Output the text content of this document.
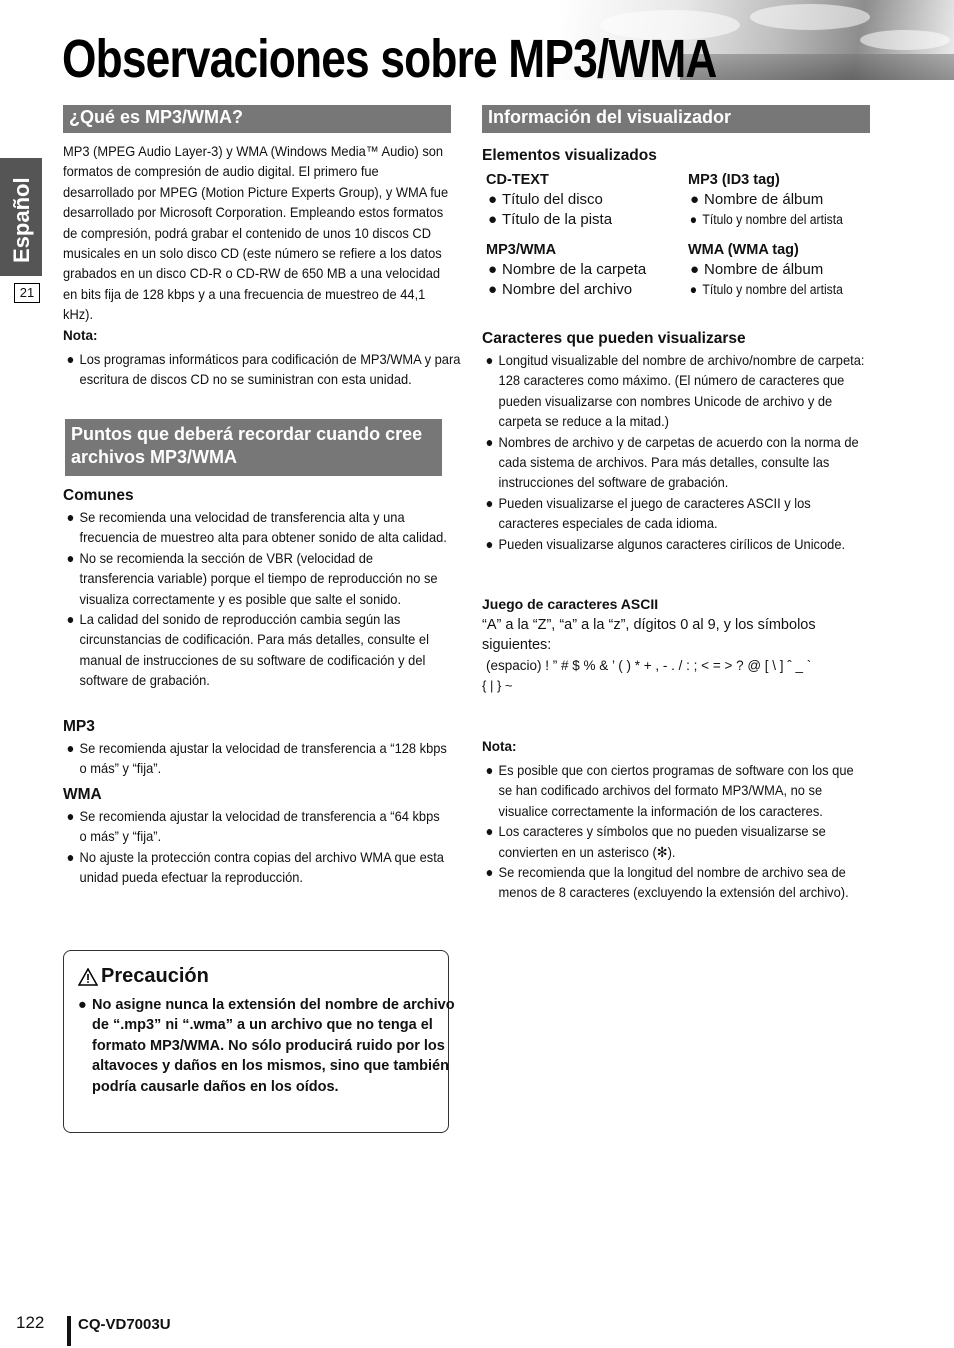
Observaciones sobre MP3/WMA
Español
21
¿Qué es MP3/WMA?
MP3 (MPEG Audio Layer-3) y WMA (Windows Media™ Audio) son formatos de compresión de audio digital. El primero fue desarrollado por MPEG (Motion Picture Experts Group), y WMA fue desarrollado por Microsoft Corporation. Empleando estos formatos de compresión, podrá grabar el contenido de unos 10 discos CD musicales en un solo disco CD (este número se refiere a los datos grabados en un disco CD-R o CD-RW de 650 MB a una velocidad en bits fija de 128 kbps y a una frecuencia de muestreo de 44,1 kHz).
Nota:
● Los programas informáticos para codificación de MP3/WMA y para escritura de discos CD no se suministran con esta unidad.
Puntos que deberá recordar cuando cree archivos MP3/WMA
Comunes
● Se recomienda una velocidad de transferencia alta y una frecuencia de muestreo alta para obtener sonido de alta calidad.
● No se recomienda la sección de VBR (velocidad de transferencia variable) porque el tiempo de reproducción no se visualiza correctamente y es posible que salte el sonido.
● La calidad del sonido de reproducción cambia según las circunstancias de codificación. Para más detalles, consulte el manual de instrucciones de su software de codificación y del software de grabación.
MP3
● Se recomienda ajustar la velocidad de transferencia a “128 kbps o más” y “fija”.
WMA
● Se recomienda ajustar la velocidad de transferencia a “64 kbps o más” y “fija”.
● No ajuste la protección contra copias del archivo WMA que esta unidad pueda efectuar la reproducción.
Precaución
● No asigne nunca la extensión del nombre de archivo de “.mp3” ni “.wma” a un archivo que no tenga el formato MP3/WMA. No sólo producirá ruido por los altavoces y daños en los mismos, sino que también podría causarle daños en los oídos.
Información del visualizador
Elementos visualizados
CD-TEXT
● Título del disco
● Título de la pista
MP3 (ID3 tag)
● Nombre de álbum
● Título y nombre del artista
MP3/WMA
● Nombre de la carpeta
● Nombre del archivo
WMA (WMA tag)
● Nombre de álbum
● Título y nombre del artista
Caracteres que pueden visualizarse
● Longitud visualizable del nombre de archivo/nombre de carpeta: 128 caracteres como máximo. (El número de caracteres que pueden visualizarse con nombres Unicode de archivo y de carpeta se reduce a la mitad.)
● Nombres de archivo y de carpetas de acuerdo con la norma de cada sistema de archivos. Para más detalles, consulte las instrucciones del software de grabación.
● Pueden visualizarse el juego de caracteres ASCII y los caracteres especiales de cada idioma.
● Pueden visualizarse algunos caracteres cirílicos de Unicode.
Juego de caracteres ASCII
“A” a la “Z”, “a” a la “z”, dígitos 0 al 9, y los símbolos siguientes:
(espacio) ! ” # $ % & ’ ( ) * + , - . / : ; < = > ? @ [ \ ] ˆ _ `
{ | } ~
Nota:
● Es posible que con ciertos programas de software con los que se han codificado archivos del formato MP3/WMA, no se visualice correctamente la información de los caracteres.
● Los caracteres y símbolos que no pueden visualizarse se convierten en un asterisco (✻).
● Se recomienda que la longitud del nombre de archivo sea de menos de 8 caracteres (excluyendo la extensión del archivo).
122 CQ-VD7003U
